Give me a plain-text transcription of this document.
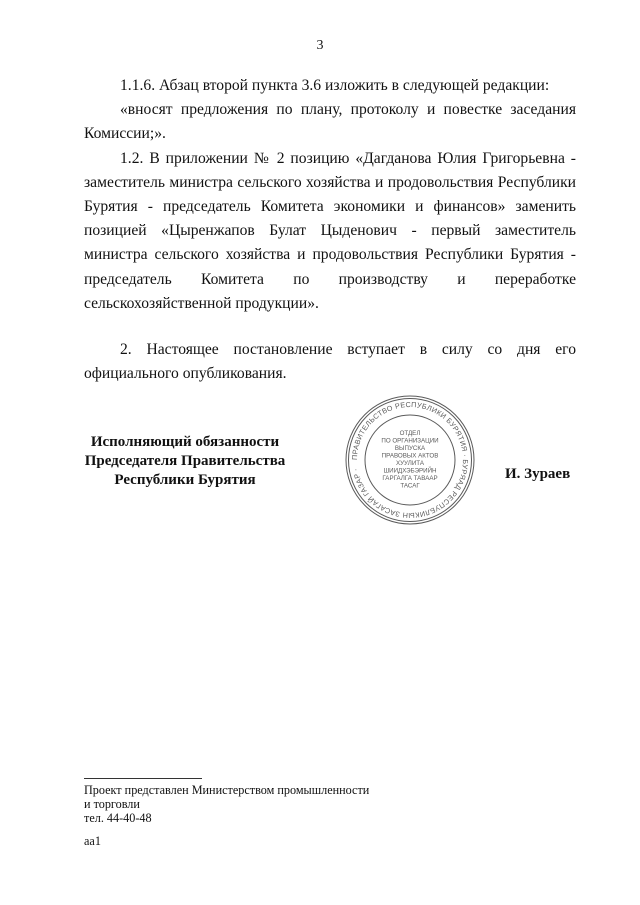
3

1.1.6. Абзац второй пункта 3.6 изложить в следующей редакции:

«вносят предложения по плану, протоколу и повестке заседания Комиссии;».

1.2. В приложении № 2 позицию «Дагданова Юлия Григорьевна - заместитель министра сельского хозяйства и продовольствия Республики Бурятия - председатель Комитета экономики и финансов» заменить позицией «Цыренжапов Булат Цыденович - первый заместитель министра сельского хозяйства и продовольствия Республики Бурятия - председатель Комитета по производству и переработке сельскохозяйственной продукции».

2. Настоящее постановление вступает в силу со дня его официального опубликования.

Исполняющий обязанности
Председателя Правительства
Республики Бурятия
ПРАВИТЕЛЬСТВО РЕСПУБЛИКИ БУРЯТИЯ · БУРЯАД РЕСПУБЛИКЫН ЗАСАГАЙ ГАЗАР ·
ОТДЕЛ
ПО ОРГАНИЗАЦИИ
ВЫПУСКА
ПРАВОВЫХ АКТОВ
ХУУЛИТА
ШИИДХЭБЭРИЙН
ГАРГАЛГА ТАВААР
ТАСАГ
И. Зураев
Проект представлен Министерством промышленности
и торговли
тел. 44-40-48
аа1
